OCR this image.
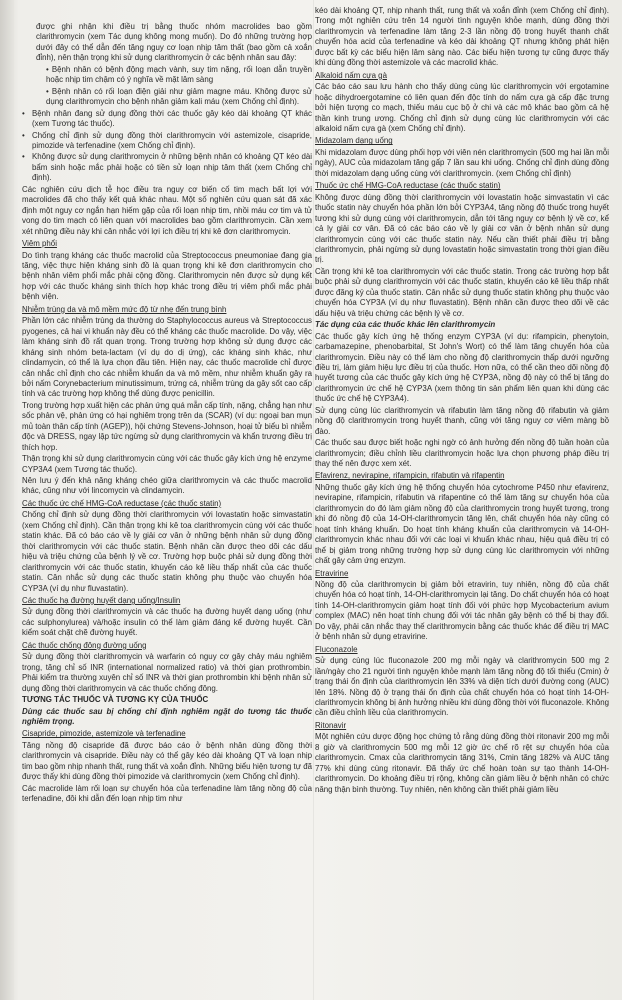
được ghi nhận khi điều trị bằng thuốc nhóm macrolides bao gồm clarithromycin (xem Tác dụng không mong muốn). Do đó những trường hợp dưới đây có thể dẫn đến tăng nguy cơ loạn nhịp tâm thất (bao gồm cả xoắn đỉnh), nên thận trọng khi sử dụng clarithromycin ở các bệnh nhân sau đây:

• Bệnh nhân có bệnh động mạch vành, suy tim nặng, rối loạn dẫn truyền hoặc nhịp tim chậm có ý nghĩa về mặt lâm sàng

• Bệnh nhân có rối loạn điện giải như giảm magne máu. Không được sử dụng clarithromycin cho bệnh nhân giảm kali máu (xem Chống chỉ định).

• Bệnh nhân đang sử dụng đồng thời các thuốc gây kéo dài khoảng QT khác (xem Tương tác thuốc).

• Chống chỉ định sử dụng đồng thời clarithromycin với astemizole, cisapride, pimozide và terfenadine (xem Chống chỉ định).

• Không được sử dụng clarithromycin ở những bệnh nhân có khoảng QT kéo dài bẩm sinh hoặc mắc phải hoặc có tiền sử loạn nhịp tâm thất (xem Chống chỉ định).

Các nghiên cứu dịch tễ học điều tra nguy cơ biến cố tim mạch bất lợi với macrolides đã cho thấy kết quả khác nhau. Một số nghiên cứu quan sát đã xác định một nguy cơ ngắn hạn hiếm gặp của rối loạn nhịp tim, nhồi máu cơ tim và tử vong do tim mạch có liên quan với macrolides bao gồm clarithromycin. Cần xem xét những điều này khi cân nhắc với lợi ích điều trị khi kê đơn clarithromycin.

Viêm phổi

Do tình trạng kháng các thuốc macrolid của Streptococcus pneumoniae đang gia tăng, việc thực hiện kháng sinh đồ là quan trọng khi kê đơn clarithromycin cho bệnh nhân viêm phổi mắc phải cộng đồng. Clarithromycin nên được sử dụng kết hợp với các thuốc kháng sinh thích hợp khác trong điều trị viêm phổi mắc phải bệnh viện.

Nhiễm trùng da và mô mềm mức độ từ nhẹ đến trung bình

Phần lớn các nhiễm trùng da thường do Staphylococcus aureus và Streptococcus pyogenes, cả hai vi khuẩn này đều có thể kháng các thuốc macrolide. Do vậy, việc làm kháng sinh đồ rất quan trọng. Trong trường hợp không sử dụng được các kháng sinh nhóm beta-lactam (ví dụ do dị ứng), các kháng sinh khác, như clindamycin, có thể là lựa chọn đầu tiên. Hiện nay, các thuốc macrolide chỉ được cân nhắc chỉ định cho các nhiễm khuẩn da và mô mềm, như nhiễm khuẩn gây ra bởi nấm Corynebacterium minutissimum, trứng cá, nhiễm trùng da gây sốt cao cấp tính và các trường hợp không thể dùng được penicillin.

Trong trường hợp xuất hiện các phản ứng quá mẫn cấp tính, nặng, chẳng hạn như sốc phản vệ, phản ứng có hại nghiêm trọng trên da (SCAR) (ví dụ: ngoại ban mụn mủ toàn thân cấp tính (AGEP)), hội chứng Stevens-Johnson, hoại tử biểu bì nhiễm độc và DRESS, ngay lập tức ngừng sử dụng clarithromycin và khẩn trương điều trị thích hợp.

Thận trọng khi sử dụng clarithromycin cùng với các thuốc gây kích ứng hệ enzyme CYP3A4 (xem Tương tác thuốc).

Nên lưu ý đến khả năng kháng chéo giữa clarithromycin và các thuốc macrolid khác, cũng như với lincomycin và clindamycin.

Các thuốc ức chế HMG-CoA reductase (các thuốc statin)

Chống chỉ định sử dụng đồng thời clarithromycin với lovastatin hoặc simvastatin (xem Chống chỉ định). Cần thận trọng khi kê toa clarithromycin cùng với các thuốc statin khác. Đã có báo cáo về ly giải cơ vân ở những bệnh nhân sử dụng đồng thời clarithromycin với các thuốc statin. Bệnh nhân cần được theo dõi các dấu hiệu và triệu chứng của bệnh lý về cơ. Trường hợp buộc phải sử dụng đồng thời clarithromycin với các thuốc statin, khuyến cáo kê liều thấp nhất của các thuốc statin. Cân nhắc sử dụng các thuốc statin không phụ thuộc vào chuyển hóa CYP3A (ví dụ như fluvastatin).

Các thuốc hạ đường huyết dạng uống/Insulin

Sử dụng đồng thời clarithromycin và các thuốc hạ đường huyết dạng uống (như các sulphonylurea) và/hoặc insulin có thể làm giảm đáng kể đường huyết. Cần kiểm soát chặt chẽ đường huyết.

Các thuốc chống đông đường uống

Sử dụng đồng thời clarithromycin và warfarin có nguy cơ gây chảy máu nghiêm trọng, tăng chỉ số INR (international normalized ratio) và thời gian prothrombin. Phải kiểm tra thường xuyên chỉ số INR và thời gian prothrombin khi bệnh nhân sử dụng đồng thời clarithromycin và các thuốc chống đông.

TƯƠNG TÁC THUỐC VÀ TƯƠNG KỴ CỦA THUỐC

Dùng các thuốc sau bị chống chỉ định nghiêm ngặt do tương tác thuốc nghiêm trọng.

Cisapride, pimozide, astemizole và terfenadine

Tăng nồng độ cisapride đã được báo cáo ở bệnh nhân dùng đồng thời clarithromycin và cisapride. Điều này có thể gây kéo dài khoảng QT và loạn nhịp tim bao gồm nhịp nhanh thất, rung thất và xoắn đỉnh. Những biểu hiện tương tự đã được thấy khi dùng đồng thời pimozide và clarithromycin (xem Chống chỉ định).

Các macrolide làm rối loạn sự chuyển hóa của terfenadine làm tăng nồng độ của terfenadine, đôi khi dẫn đến loạn nhịp tim như

kéo dài khoảng QT, nhịp nhanh thất, rung thất và xoắn đỉnh (xem Chống chỉ định). Trong một nghiên cứu trên 14 người tình nguyện khỏe mạnh, dùng đồng thời clarithromycin và terfenadine làm tăng 2-3 lần nồng độ trong huyết thanh chất chuyển hóa acid của terfenadine và kéo dài khoảng QT nhưng không phát hiện được bất kỳ các biểu hiện lâm sàng nào. Các biểu hiện tương tự cũng được thấy khi dùng đồng thời astemizole và các macrolid khác.

Alkaloid nấm cựa gà

Các báo cáo sau lưu hành cho thấy dùng cùng lúc clarithromycin với ergotamine hoặc dihydroergotamine có liên quan đến độc tính do nấm cựa gà cấp đặc trưng bởi hiện tượng co mạch, thiếu máu cục bộ ở chi và các mô khác bao gồm cả hệ thần kinh trung ương. Chống chỉ định sử dụng cùng lúc clarithromycin với các alkaloid nấm cựa gà (xem Chống chỉ định).

Midazolam dạng uống

Khi midazolam được dùng phối hợp với viên nén clarithromycin (500 mg hai lần mỗi ngày), AUC của midazolam tăng gấp 7 lần sau khi uống. Chống chỉ định dùng đồng thời midazolam dạng uống cùng với clarithromycin. (xem Chống chỉ định)

Thuốc ức chế HMG-CoA reductase (các thuốc statin)

Không được dùng đồng thời clarithromycin với lovastatin hoặc simvastatin vì các thuốc statin này chuyển hóa phần lớn bởi CYP3A4, tăng nồng độ thuốc trong huyết tương khi sử dụng cùng với clarithromycin, dẫn tới tăng nguy cơ bệnh lý về cơ, kể cả ly giải cơ vân. Đã có các báo cáo về ly giải cơ vân ở bệnh nhân sử dụng clarithromycin cùng với các thuốc statin này. Nếu cần thiết phải điều trị bằng clarithromycin, phải ngừng sử dụng lovastatin hoặc simvastatin trong thời gian điều trị.

Cần trọng khi kê toa clarithromycin với các thuốc statin. Trong các trường hợp bắt buộc phải sử dụng clarithromycin với các thuốc statin, khuyến cáo kê liều thấp nhất được đăng ký của thuốc statin. Cân nhắc sử dụng thuốc statin không phụ thuộc vào chuyển hóa CYP3A (ví dụ như fluvastatin). Bệnh nhân cần được theo dõi về các dấu hiệu và triệu chứng các bệnh lý về cơ.

Tác dụng của các thuốc khác lên clarithromycin

Các thuốc gây kích ứng hệ thống enzym CYP3A (ví dụ: rifampicin, phenytoin, carbamazepine, phenobarbital, St John's Wort) có thể làm tăng chuyển hóa của clarithromycin. Điều này có thể làm cho nồng độ clarithromycin thấp dưới ngưỡng điều trị, làm giảm hiệu lực điều trị của thuốc. Hơn nữa, có thể cần theo dõi nồng độ huyết tương của các thuốc gây kích ứng hệ CYP3A, nồng độ này có thể bị tăng do clarithromycin ức chế hệ CYP3A (xem thông tin sản phẩm liên quan khi dùng các thuốc ức chế hệ CYP3A4).

Sử dụng cùng lúc clarithromycin và rifabutin làm tăng nồng độ rifabutin và giảm nồng độ clarithromycin trong huyết thanh, cũng với tăng nguy cơ viêm màng bồ đào.

Các thuốc sau được biết hoặc nghi ngờ có ảnh hưởng đến nồng độ tuần hoàn của clarithromycin; điều chỉnh liều clarithromycin hoặc lựa chọn phương pháp điều trị thay thế nên được xem xét.

Efavirenz, nevirapine, rifampicin, rifabutin và rifapentin

Những thuốc gây kích ứng hệ thống chuyển hóa cytochrome P450 như efavirenz, nevirapine, rifampicin, rifabutin và rifapentine có thể làm tăng sự chuyển hóa của clarithromycin do đó làm giảm nồng độ của clarithromycin trong huyết tương, trong khi đó nồng độ của 14-OH-clarithromycin tăng lên, chất chuyển hóa này cũng có hoạt tính kháng khuẩn. Do hoạt tính kháng khuẩn của clarithromycin và 14-OH-clarithromycin khác nhau đối với các loại vi khuẩn khác nhau, hiệu quả điều trị có thể bị giảm trong những trường hợp sử dụng cùng lúc clarithromycin với những chất gây cảm ứng enzym.

Etravirine

Nồng độ của clarithromycin bị giảm bởi etravirin, tuy nhiên, nồng độ của chất chuyển hóa có hoạt tính, 14-OH-clarithromycin lại tăng. Do chất chuyển hóa có hoạt tính 14-OH-clarithromycin giảm hoạt tính đối với phức hợp Mycobacterium avium complex (MAC) nên hoạt tính chung đối với tác nhân gây bệnh có thể bị thay đổi. Do vậy, phải cân nhắc thay thế clarithromycin bằng các thuốc khác để điều trị MAC ở bệnh nhân sử dụng etravirine.

Fluconazole

Sử dụng cùng lúc fluconazole 200 mg mỗi ngày và clarithromycin 500 mg 2 lần/ngày cho 21 người tình nguyện khỏe mạnh làm tăng nồng độ tối thiểu (Cmin) ở trạng thái ổn định của clarithromycin lên 33% và diện tích dưới đường cong (AUC) lên 18%. Nồng độ ở trạng thái ổn định của chất chuyển hóa có hoạt tính 14-OH-clarithromycin không bị ảnh hưởng nhiều khi dùng đồng thời với fluconazole. Không cần điều chỉnh liều của clarithromycin.

Ritonavir

Một nghiên cứu dược động học chứng tỏ rằng dùng đồng thời ritonavir 200 mg mỗi 8 giờ và clarithromycin 500 mg mỗi 12 giờ ức chế rõ rệt sự chuyển hóa của clarithromycin. Cmax của clarithromycin tăng 31%, Cmin tăng 182% và AUC tăng 77% khi dùng cùng ritonavir. Đã thấy ức chế hoàn toàn sự tạo thành 14-OH-clarithromycin. Do khoảng điều trị rộng, không cần giảm liều ở bệnh nhân có chức năng thận bình thường. Tuy nhiên, nên không cần thiết phải giảm liều
